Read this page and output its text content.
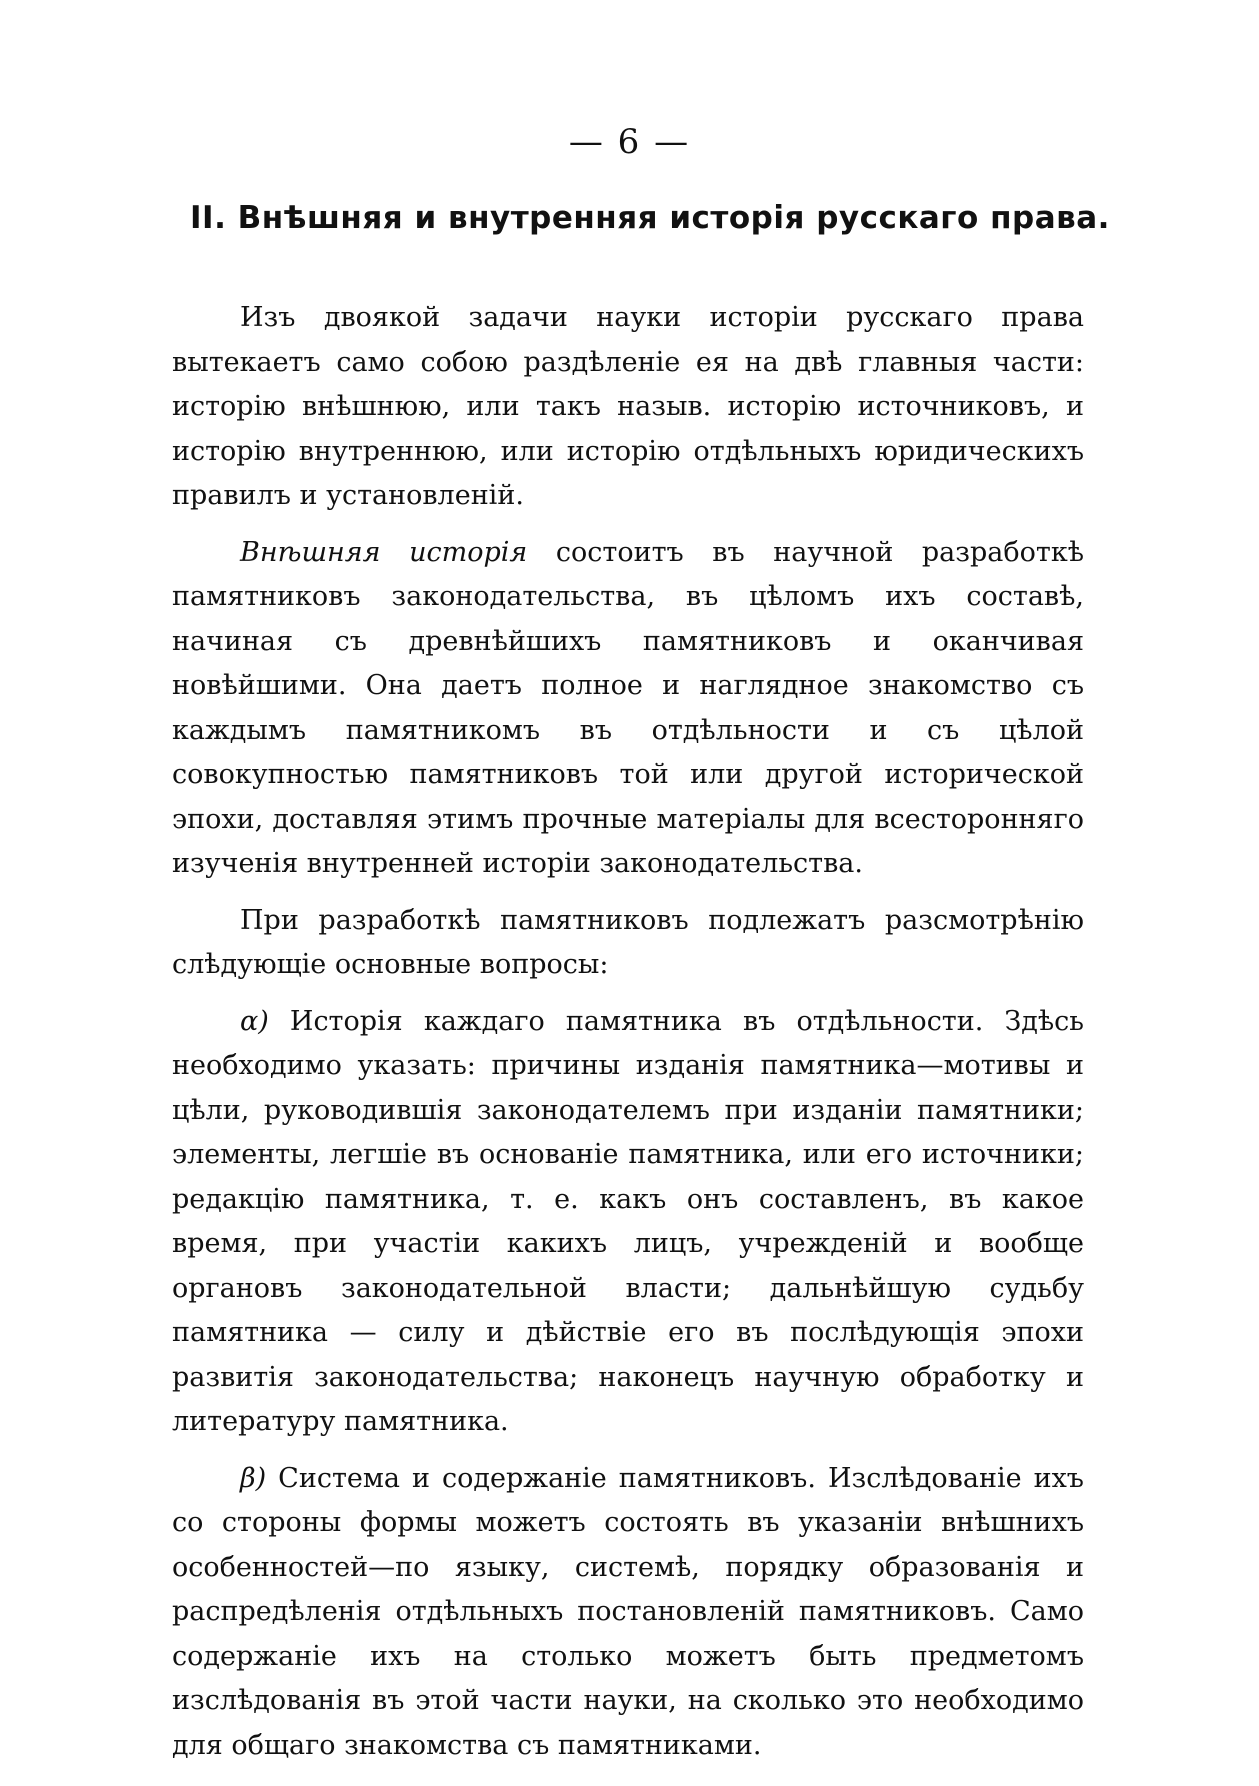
— 6 —
II. Внѣшняя и внутренняя исторія русскаго права.

Изъ двоякой задачи науки исторіи русскаго права вытекаетъ само собою раздѣленіе ея на двѣ главныя части: исторію внѣшнюю, или такъ назыв. исторію источниковъ, и исторію внутреннюю, или исторію отдѣльныхъ юридическихъ правилъ и установленій.

Внѣшняя исторія состоитъ въ научной разработкѣ памятниковъ законодательства, въ цѣломъ ихъ составѣ, начиная съ древнѣйшихъ памятниковъ и оканчивая новѣйшими. Она даетъ полное и наглядное знакомство съ каждымъ памятникомъ въ отдѣльности и съ цѣлой совокупностью памятниковъ той или другой исторической эпохи, доставляя этимъ прочные матеріалы для всесторонняго изученія внутренней исторіи законодательства.

При разработкѣ памятниковъ подлежатъ разсмотрѣнію слѣдующіе основные вопросы:

α) Исторія каждаго памятника въ отдѣльности. Здѣсь необходимо указать: причины изданія памятника—мотивы и цѣли, руководившія законодателемъ при изданіи памятники; элементы, легшіе въ основаніе памятника, или его источники; редакцію памятника, т. е. какъ онъ составленъ, въ какое время, при участіи какихъ лицъ, учрежденій и вообще органовъ законодательной власти; дальнѣйшую судьбу памятника — силу и дѣйствіе его въ послѣдующія эпохи развитія законодательства; наконецъ научную обработку и литературу памятника.

β) Система и содержаніе памятниковъ. Изслѣдованіе ихъ со стороны формы можетъ состоять въ указаніи внѣшнихъ особенностей—по языку, системѣ, порядку образованія и распредѣленія отдѣльныхъ постановленій памятниковъ. Само содержаніе ихъ на столько можетъ быть предметомъ изслѣдованія въ этой части науки, на сколько это необходимо для общаго знакомства съ памятниками.
